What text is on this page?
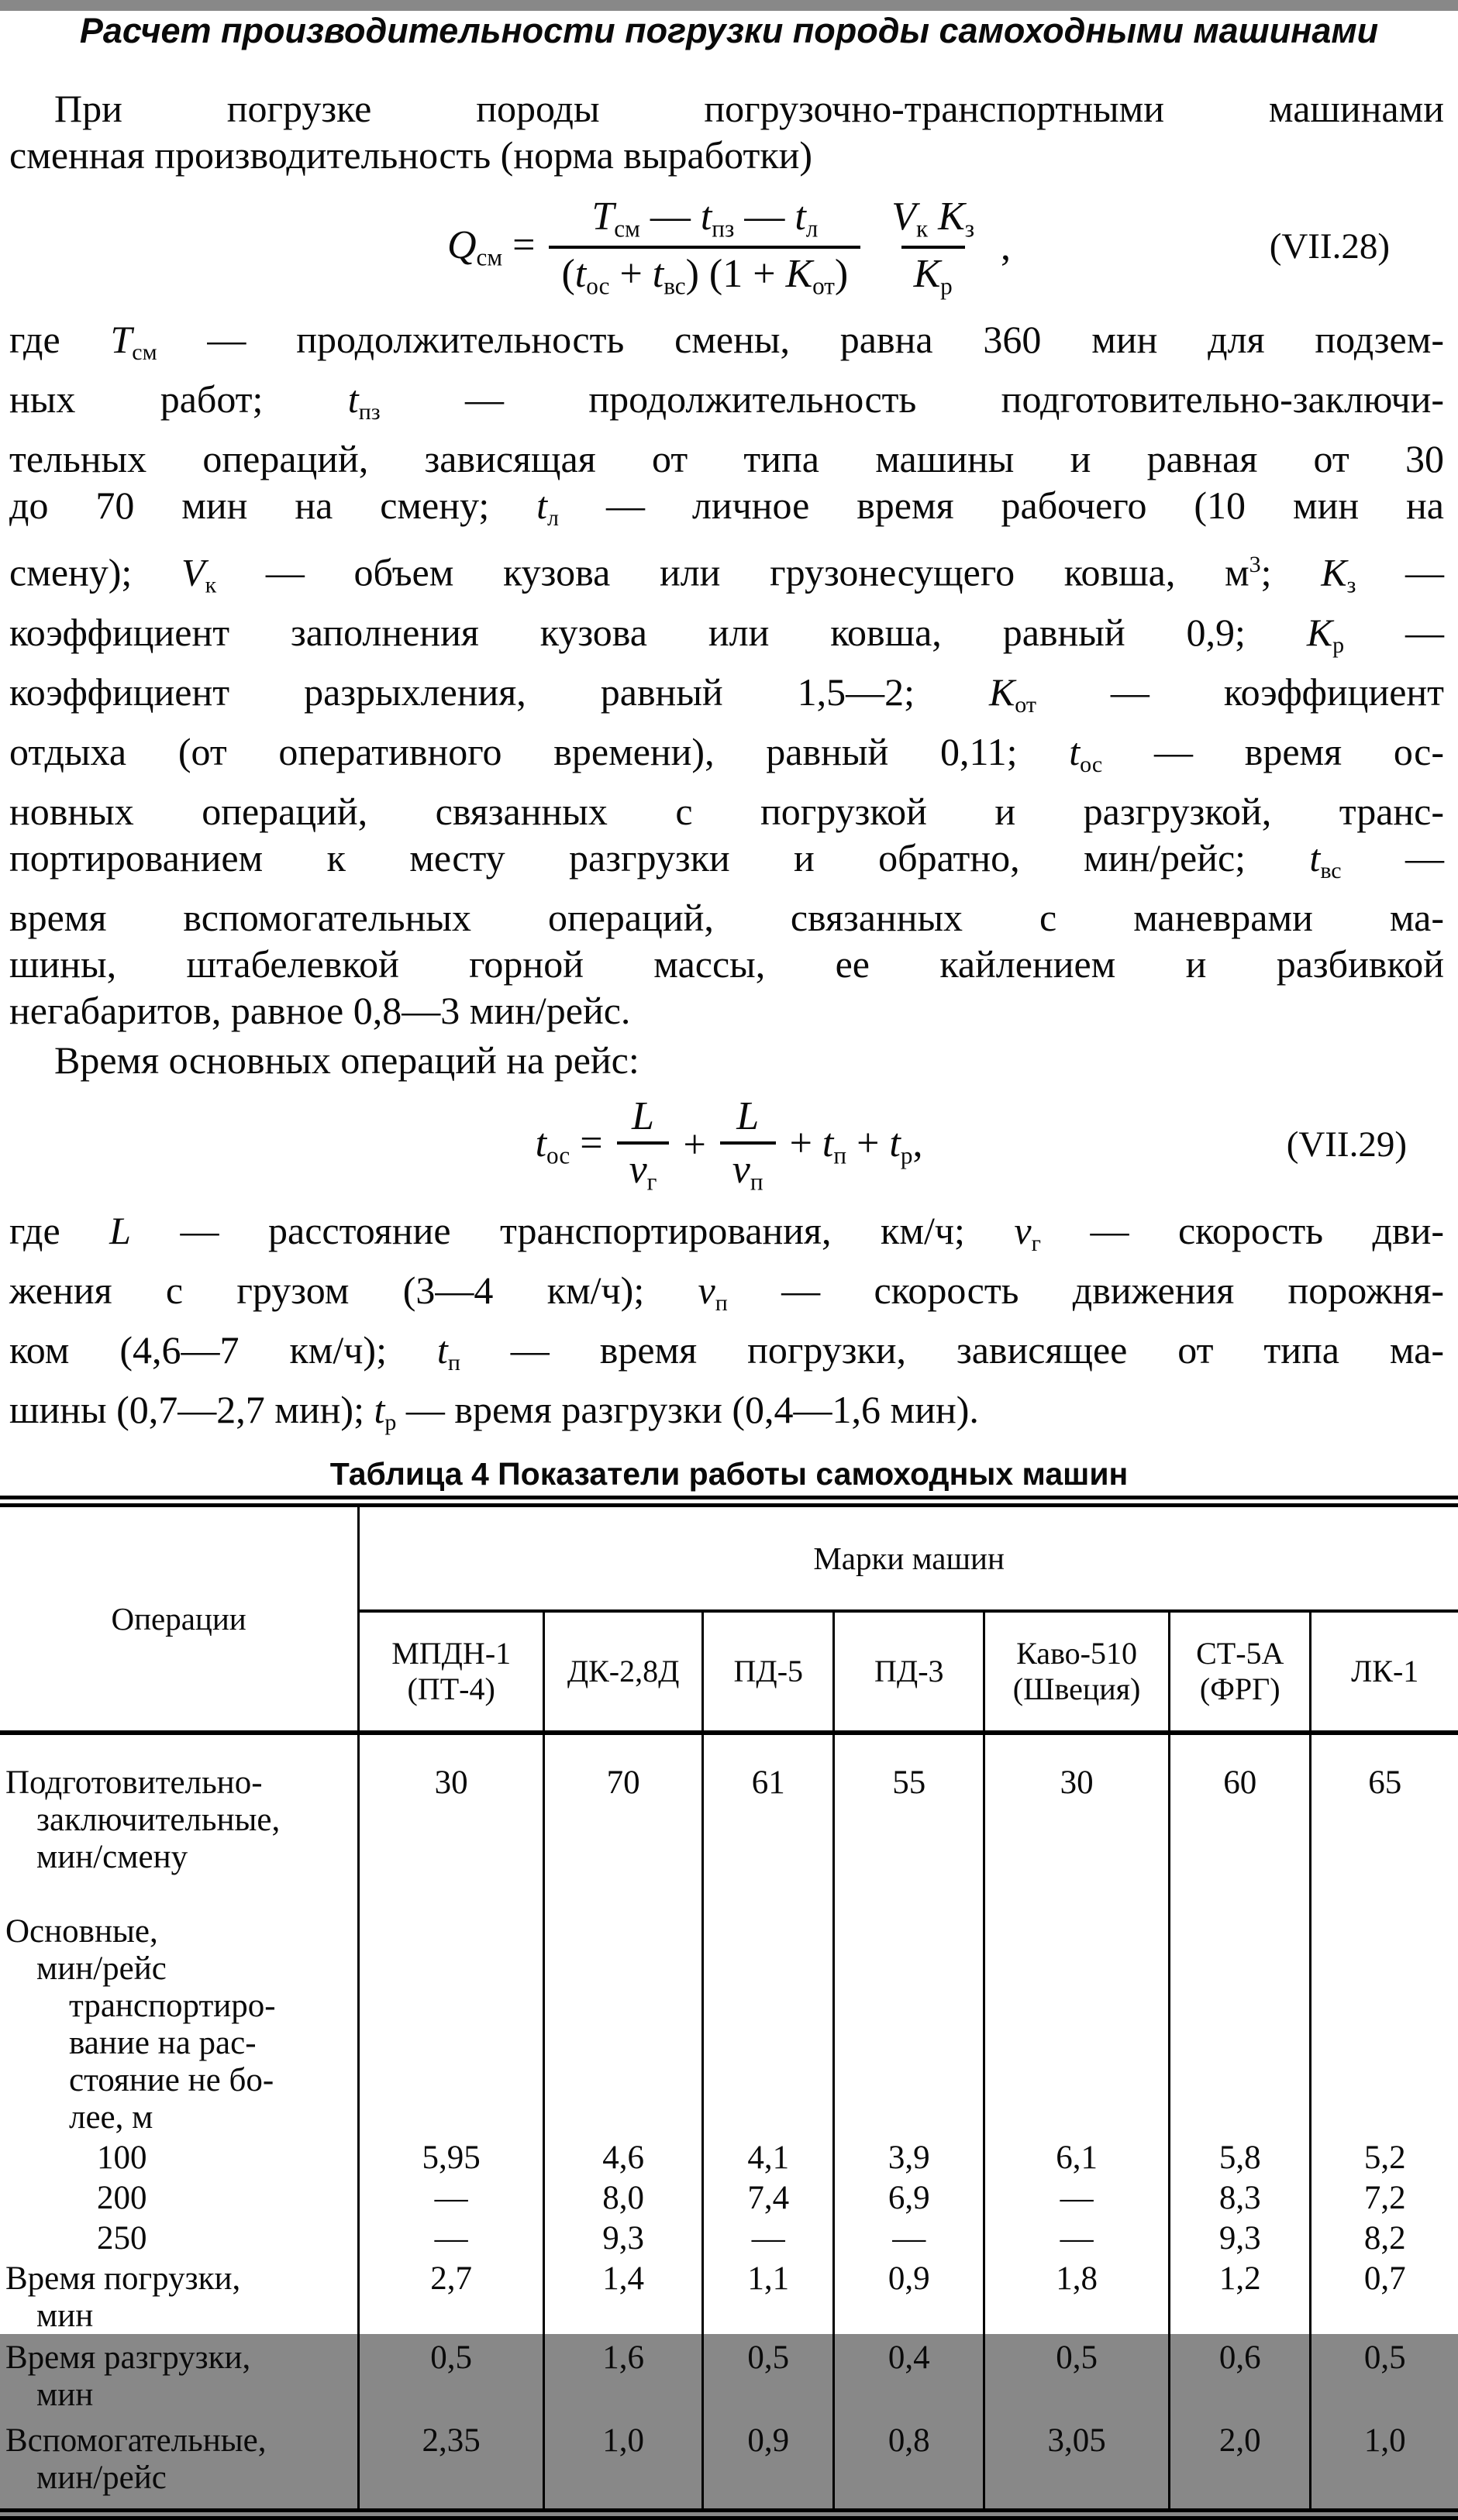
Расчет производительности погрузки породы самоходными машинами
При погрузке породы погрузочно-транспортными машинами
сменная производительность (норма выработки)
$Q_{см} = \frac{Т_{см} — t_{пз} — t_л}{(t_{ос} + t_{вс}) (1 + К_{от})} \frac{V_к К_з}{К_р}$ ,	(VII.28)
где $Т_{см}$ — продолжительность смены, равна 360 мин для подзем-
ных работ; $t_{пз}$ — продолжительность подготовительно-заключи-
тельных операций, зависящая от типа машины и равная от 30
до 70 мин на смену; $t_л$ — личное время рабочего (10 мин на
смену); $V_к$ — объем кузова или грузонесущего ковша, $м^3$; $К_з$ —
коэффициент заполнения кузова или ковша, равный 0,9; $К_р$ —
коэффициент разрыхления, равный 1,5—2; $К_{от}$ — коэффициент
отдыха (от оперативного времени), равный 0,11; $t_{ос}$ — время ос-
новных операций, связанных с погрузкой и разгрузкой, транс-
портированием к месту разгрузки и обратно, мин/рейс; $t_{вс}$ —
время вспомогательных операций, связанных с маневрами ма-
шины, штабелевкой горной массы, ее кайлением и разбивкой
негабаритов, равное 0,8—3 мин/рейс.
Время основных операций на рейс:
$t_{ос} = \frac{L}{v_г} + \frac{L}{v_п} + t_п + t_р$,	(VII.29)
где L — расстояние транспортирования, км/ч; $v_г$ — скорость дви-
жения с грузом (3—4 км/ч); $v_п$ — скорость движения порожня-
ком (4,6—7 км/ч); $t_п$ — время погрузки, зависящее от типа ма-
шины (0,7—2,7 мин); $t_р$ — время разгрузки (0,4—1,6 мин).
Таблица 4 Показатели работы самоходных машин
Операции	Марки машин						
	МПДН-1
(ПТ-4)	ДК-2,8Д	ПД-5	ПД-3	Каво-510
(Швеция)	СТ-5А
(ФРГ)	ЛК-1

Подготовительно-
заключительные,
мин/смену	30	70	61	55	30	60	65

Основные,
мин/рейс
транспортиро-
вание на рас-
стояние не бо-
лее, м

100	5,95	4,6	4,1	3,9	6,1	5,8	5,2

200	—	8,0	7,4	6,9	—	8,3	7,2

250	—	9,3	—	—	—	9,3	8,2

Время погрузки,
мин	2,7	1,4	1,1	0,9	1,8	1,2	0,7

Время разгрузки,
мин	0,5	1,6	0,5	0,4	0,5	0,6	0,5

Вспомогательные,
мин/рейс	2,35	1,0	0,9	0,8	3,05	2,0	1,0
